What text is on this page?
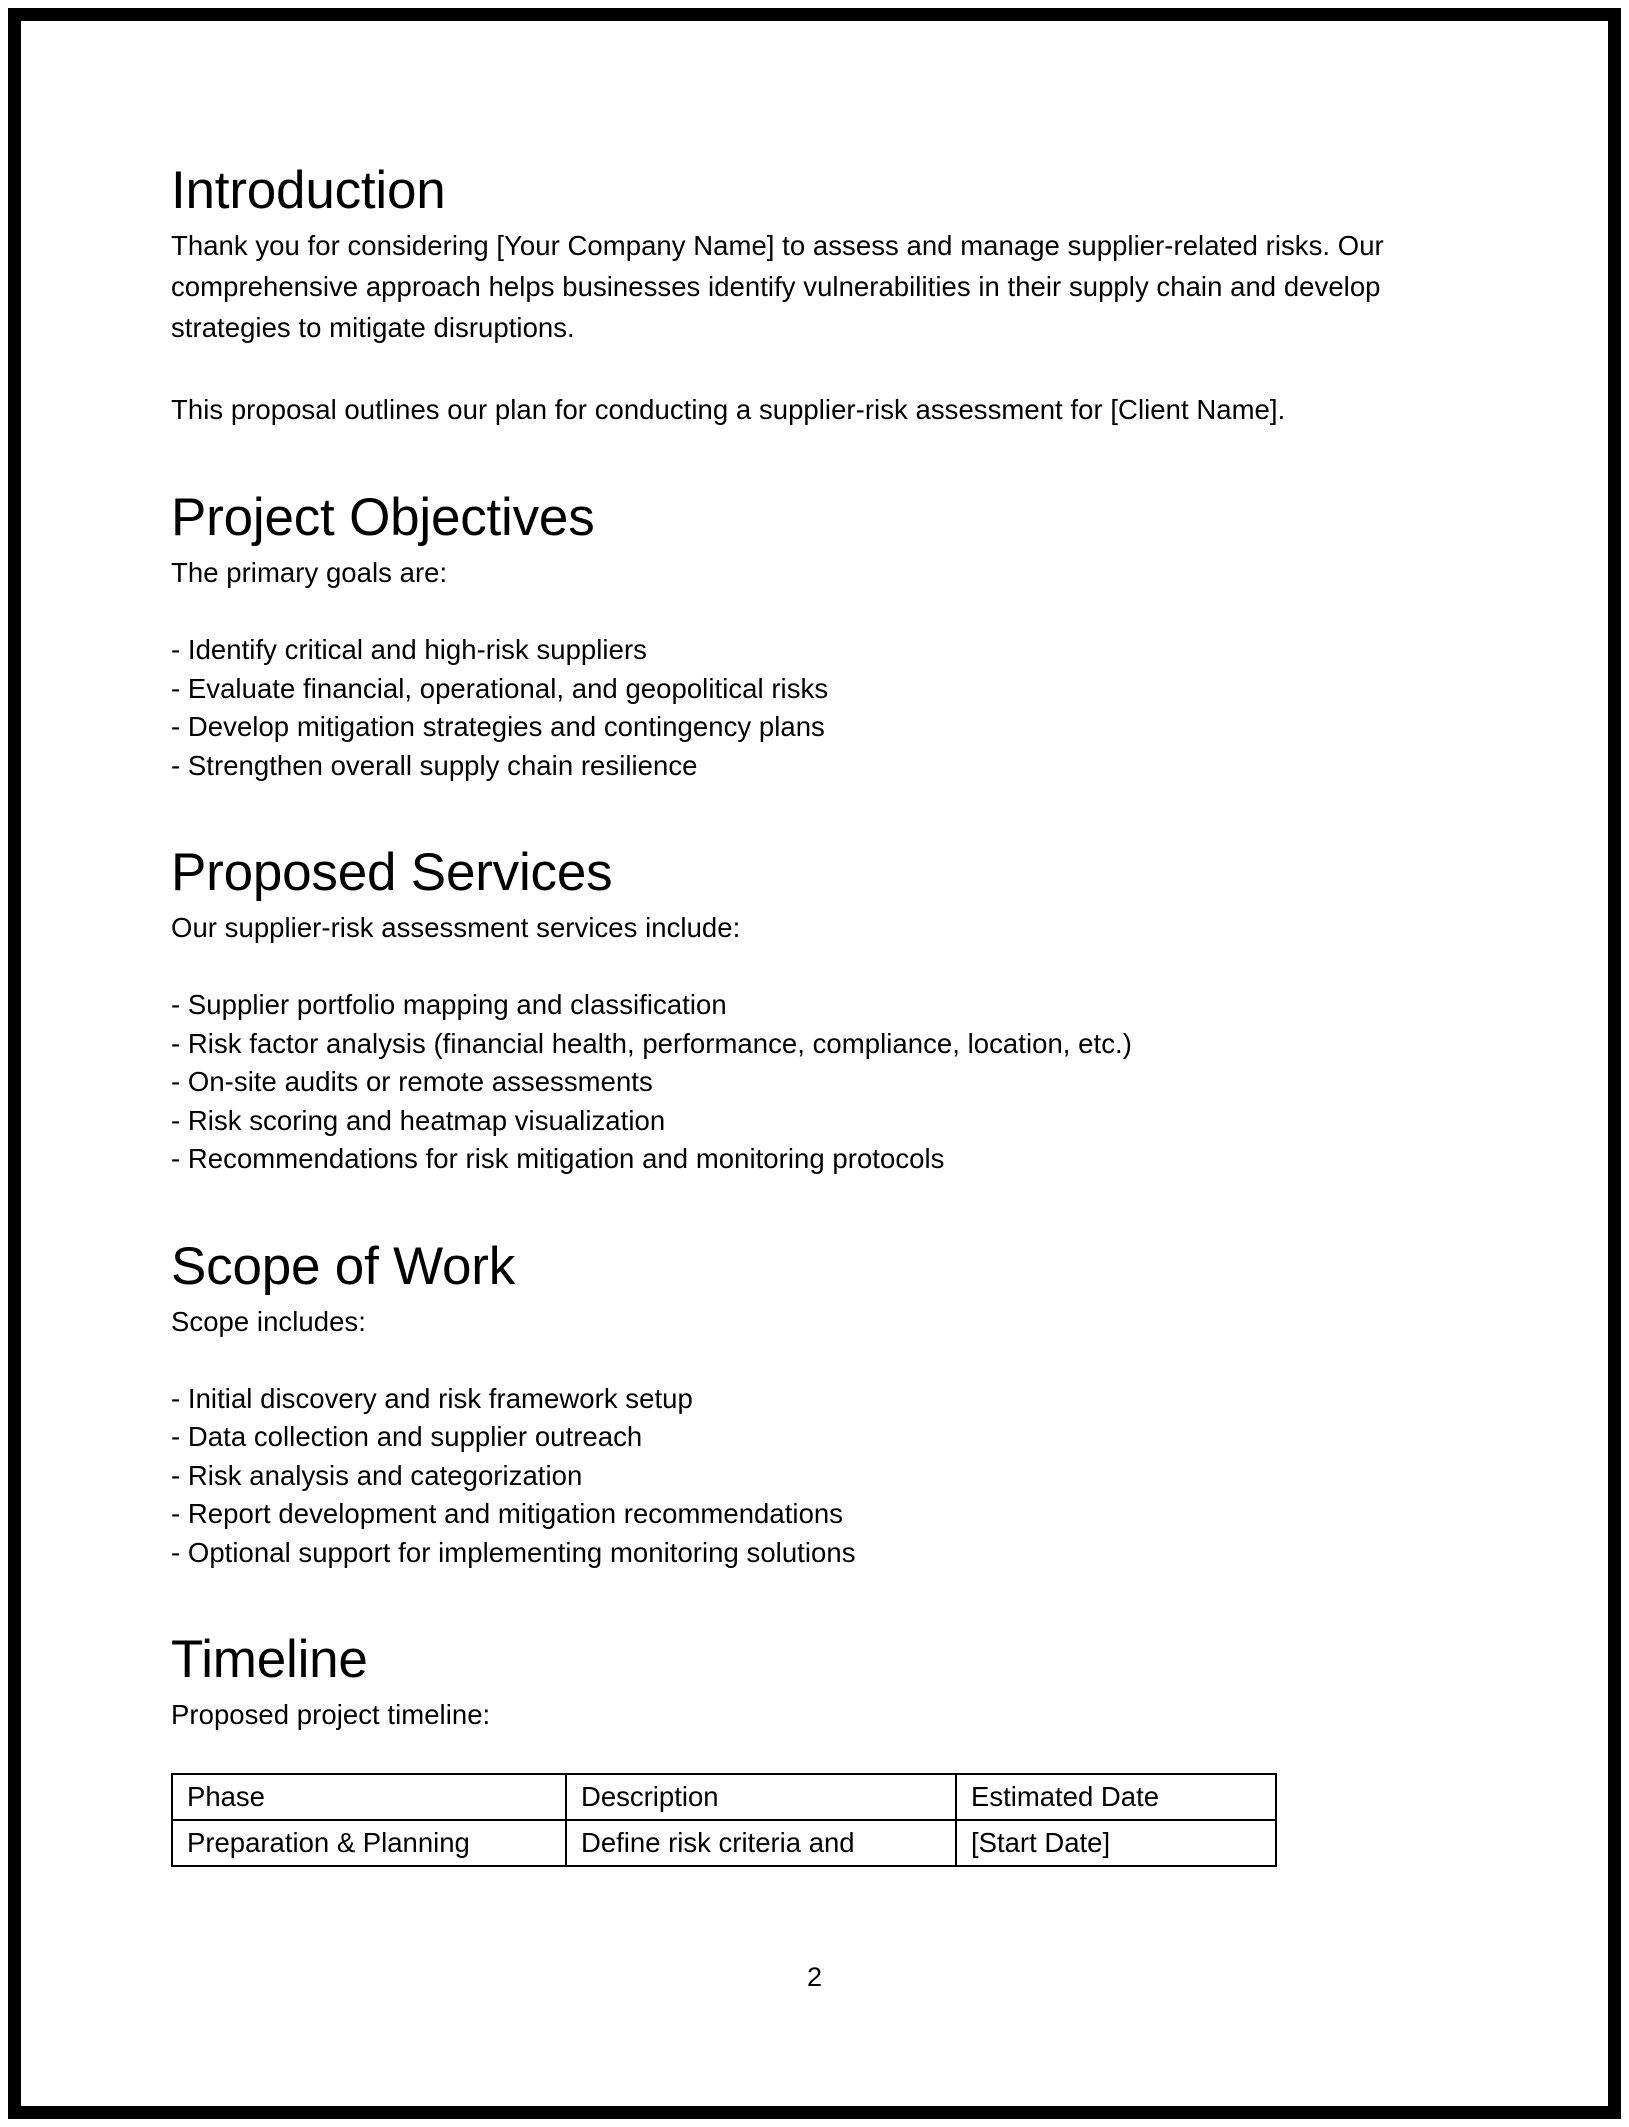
Introduction

Thank you for considering [Your Company Name] to assess and manage supplier-related risks. Our comprehensive approach helps businesses identify vulnerabilities in their supply chain and develop strategies to mitigate disruptions.

This proposal outlines our plan for conducting a supplier-risk assessment for [Client Name].

Project Objectives

The primary goals are:

- Identify critical and high-risk suppliers
- Evaluate financial, operational, and geopolitical risks
- Develop mitigation strategies and contingency plans
- Strengthen overall supply chain resilience
Proposed Services

Our supplier-risk assessment services include:

- Supplier portfolio mapping and classification
- Risk factor analysis (financial health, performance, compliance, location, etc.)
- On-site audits or remote assessments
- Risk scoring and heatmap visualization
- Recommendations for risk mitigation and monitoring protocols
Scope of Work

Scope includes:

- Initial discovery and risk framework setup
- Data collection and supplier outreach
- Risk analysis and categorization
- Report development and mitigation recommendations
- Optional support for implementing monitoring solutions
Timeline

Proposed project timeline:

Phase	Description	Estimated Date
Preparation & Planning	Define risk criteria and	[Start Date]
2
